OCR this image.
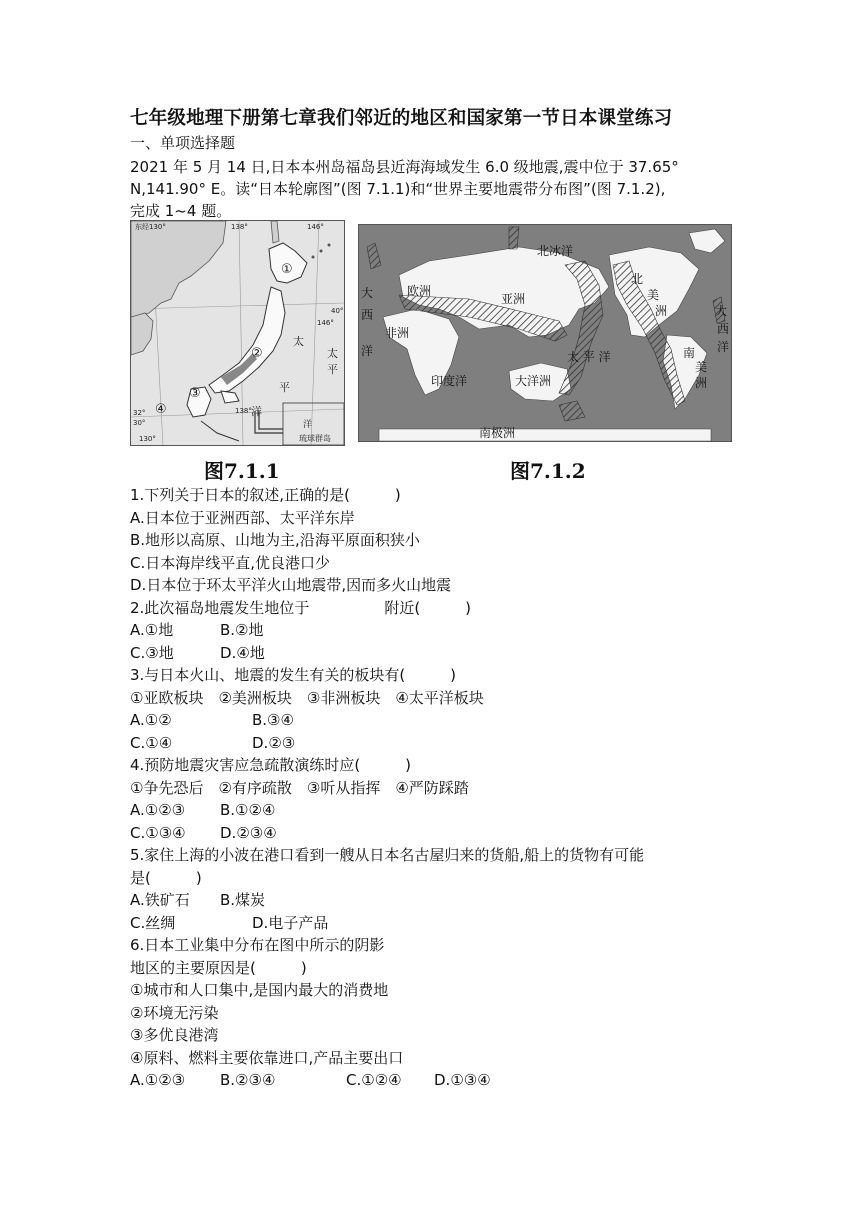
七年级地理下册第七章我们邻近的地区和国家第一节日本课堂练习
一、单项选择题
2021 年 5 月 14 日,日本本州岛福岛县近海海域发生 6.0 级地震,震中位于 37.65°
N,141.90° E。读“日本轮廓图”(图 7.1.1)和“世界主要地震带分布图”(图 7.1.2),
完成 1~4 题。
东经130°	138°	146°
40°
146°
32°
30°
138°
130°
①
②
③
④
太
平
洋
太
平
洋
琉球群岛
北冰洋
欧洲
亚洲
非洲
印度洋	大洋洲
太 平 洋
南极洲
北
美
洲
南
美
洲
大
西
洋
大
西
洋
图7.1.1	图7.1.2
1.下列关于日本的叙述,正确的是(　　　)
A.日本位于亚洲西部、太平洋东岸
B.地形以高原、山地为主,沿海平原面积狭小
C.日本海岸线平直,优良港口少
D.日本位于环太平洋火山地震带,因而多火山地震
2.此次福岛地震发生地位于　　　　　附近(　　　)
A.①地	B.②地
C.③地	D.④地
3.与日本火山、地震的发生有关的板块有(　　　)
①亚欧板块　②美洲板块　③非洲板块　④太平洋板块
A.①②	B.③④
C.①④	D.②③
4.预防地震灾害应急疏散演练时应(　　　)
①争先恐后　②有序疏散　③听从指挥　④严防踩踏
A.①②③ B.①②④
C.①③④ D.②③④
5.家住上海的小波在港口看到一艘从日本名古屋归来的货船,船上的货物有可能
是(　　　)
A.铁矿石 B.煤炭
C.丝绸	D.电子产品
6.日本工业集中分布在图中所示的阴影
地区的主要原因是(　　　)
①城市和人口集中,是国内最大的消费地
②环境无污染
③多优良港湾
④原料、燃料主要依靠进口,产品主要出口
A.①②③ B.②③④	C.①②④ D.①③④
